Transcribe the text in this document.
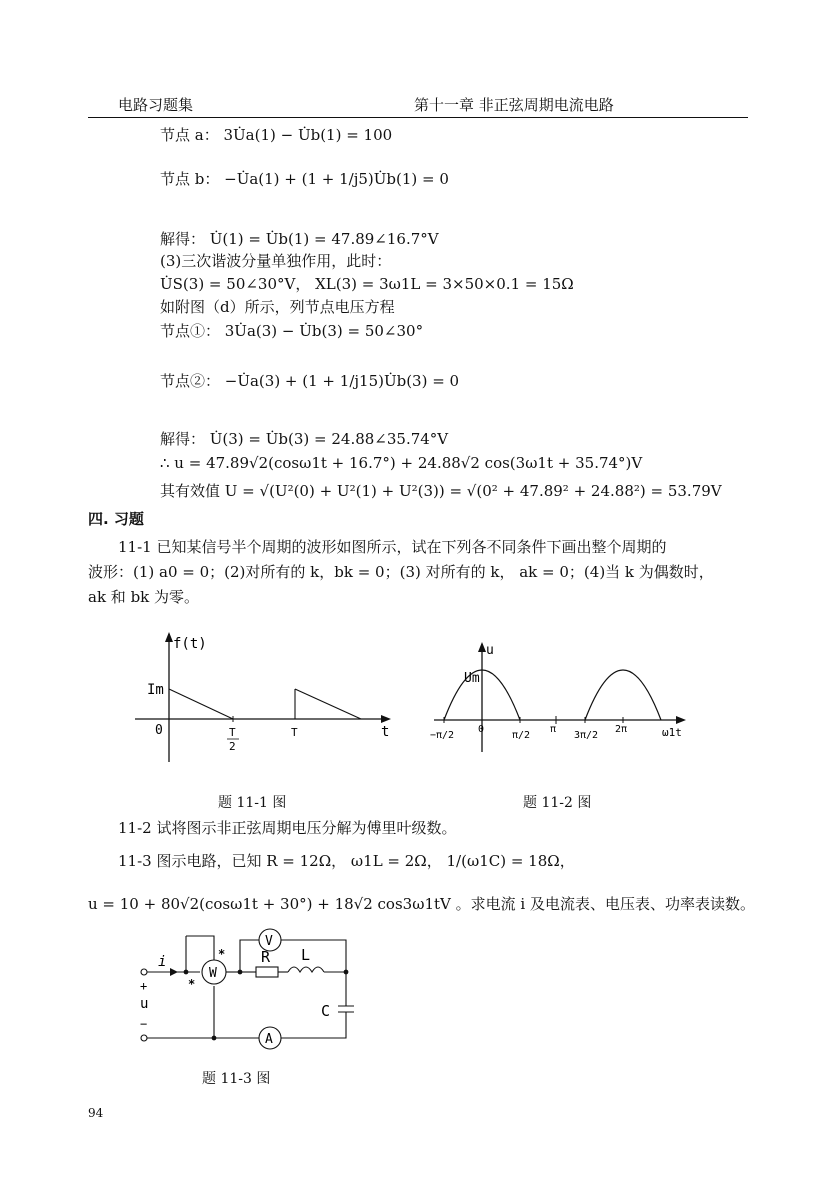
电路习题集	第十一章 非正弦周期电流电路
节点 a： 3U̇a(1) − U̇b(1) = 100
节点 b： −U̇a(1) + (1 + 1/j5)U̇b(1) = 0
解得： U̇(1) = U̇b(1) = 47.89∠16.7°V
(3)三次谐波分量单独作用，此时：
U̇S(3) = 50∠30°V， XL(3) = 3ω1L = 3×50×0.1 = 15Ω
如附图（d）所示，列节点电压方程
节点①： 3U̇a(3) − U̇b(3) = 50∠30°
节点②： −U̇a(3) + (1 + 1/j15)U̇b(3) = 0
解得： U̇(3) = U̇b(3) = 24.88∠35.74°V
∴ u = 47.89√2(cosω1t + 16.7°) + 24.88√2 cos(3ω1t + 35.74°)V
其有效值 U = √(U²(0) + U²(1) + U²(3)) = √(0² + 47.89² + 24.88²) = 53.79V
四. 习题
11-1 已知某信号半个周期的波形如图所示，试在下列各不同条件下画出整个周期的
波形：(1) a0 = 0；(2)对所有的 k，bk = 0；(3) 对所有的 k， ak = 0；(4)当 k 为偶数时，
ak 和 bk 为零。
f(t)
Im
0	T
2
T	t
u
Um
−π/2
0
π/2
π
3π/2
2π	ω1t
题 11-1 图	题 11-2 图
11-2 试将图示非正弦周期电压分解为傅里叶级数。
11-3 图示电路，已知 R = 12Ω， ω1L = 2Ω， 1/(ω1C) = 18Ω，
u = 10 + 80√2(cosω1t + 30°) + 18√2 cos3ω1tV 。求电流 i 及电流表、电压表、功率表读数。
i
+
u
−
W
V
A
R L
C
*
*
题 11-3 图
94
